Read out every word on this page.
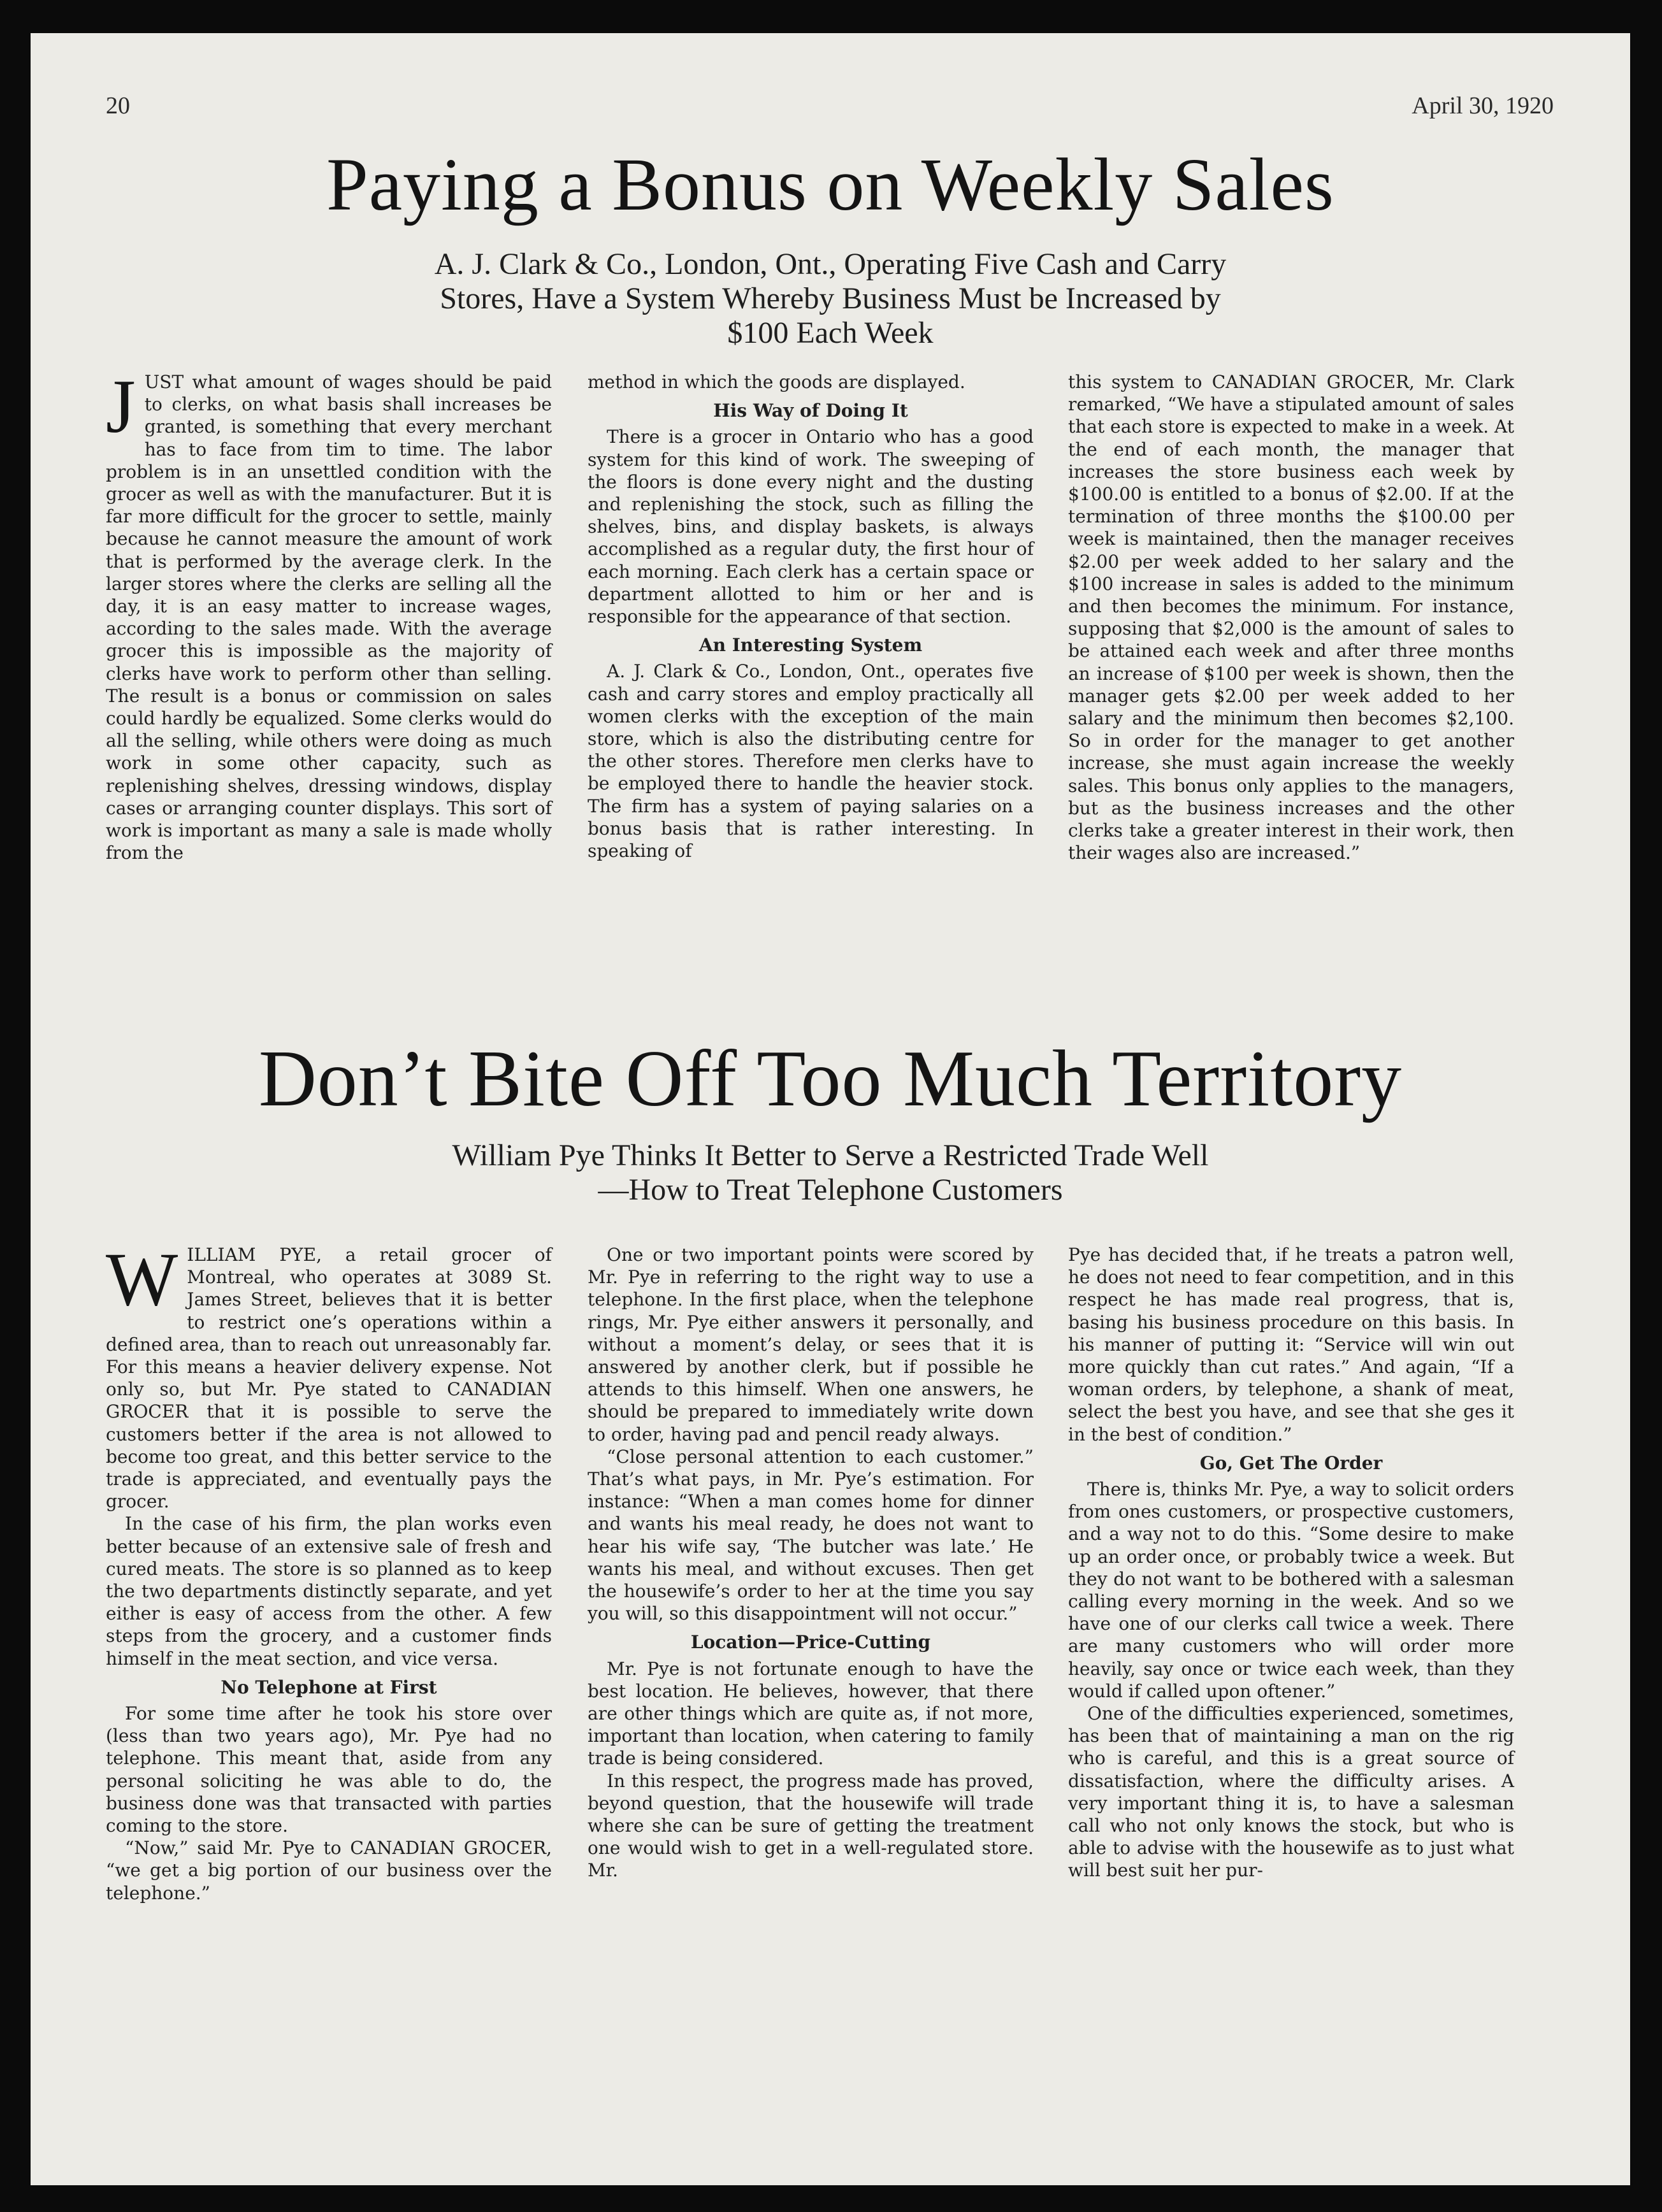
20	April 30, 1920
Paying a Bonus on Weekly Sales
A. J. Clark & Co., London, Ont., Operating Five Cash and Carry
Stores, Have a System Whereby Business Must be Increased by
$100 Each Week

JUST what amount of wages should be paid to clerks, on what basis shall increases be granted, is something that every merchant has to face from tim to time. The labor problem is in an unsettled condition with the grocer as well as with the manufacturer. But it is far more difficult for the grocer to settle, mainly because he cannot measure the amount of work that is performed by the average clerk. In the larger stores where the clerks are selling all the day, it is an easy matter to increase wages, according to the sales made. With the average grocer this is impossible as the majority of clerks have work to perform other than selling. The result is a bonus or commission on sales could hardly be equalized. Some clerks would do all the selling, while others were doing as much work in some other capacity, such as replenishing shelves, dressing windows, display cases or arranging counter displays. This sort of work is important as many a sale is made wholly from the

method in which the goods are displayed.

His Way of Doing It

There is a grocer in Ontario who has a good system for this kind of work. The sweeping of the floors is done every night and the dusting and replenishing the stock, such as filling the shelves, bins, and display baskets, is always accomplished as a regular duty, the first hour of each morning. Each clerk has a certain space or department allotted to him or her and is responsible for the appearance of that section.

An Interesting System

A. J. Clark & Co., London, Ont., operates five cash and carry stores and employ practically all women clerks with the exception of the main store, which is also the distributing centre for the other stores. Therefore men clerks have to be employed there to handle the heavier stock. The firm has a system of paying salaries on a bonus basis that is rather interesting. In speaking of

this system to CANADIAN GROCER, Mr. Clark remarked, “We have a stipulated amount of sales that each store is expected to make in a week. At the end of each month, the manager that increases the store business each week by $100.00 is entitled to a bonus of $2.00. If at the termination of three months the $100.00 per week is maintained, then the manager receives $2.00 per week added to her salary and the $100 increase in sales is added to the minimum and then becomes the minimum. For instance, supposing that $2,000 is the amount of sales to be attained each week and after three months an increase of $100 per week is shown, then the manager gets $2.00 per week added to her salary and the minimum then becomes $2,100. So in order for the manager to get another increase, she must again increase the weekly sales. This bonus only applies to the managers, but as the business increases and the other clerks take a greater interest in their work, then their wages also are increased.”

Don’t Bite Off Too Much Territory
William Pye Thinks It Better to Serve a Restricted Trade Well
—How to Treat Telephone Customers

WILLIAM PYE, a retail grocer of Montreal, who operates at 3089 St. James Street, believes that it is better to restrict one’s operations within a defined area, than to reach out unreasonably far. For this means a heavier delivery expense. Not only so, but Mr. Pye stated to CANADIAN GROCER that it is possible to serve the customers better if the area is not allowed to become too great, and this better service to the trade is appreciated, and eventually pays the grocer.

In the case of his firm, the plan works even better because of an extensive sale of fresh and cured meats. The store is so planned as to keep the two departments distinctly separate, and yet either is easy of access from the other. A few steps from the grocery, and a customer finds himself in the meat section, and vice versa.

No Telephone at First

For some time after he took his store over (less than two years ago), Mr. Pye had no telephone. This meant that, aside from any personal soliciting he was able to do, the business done was that transacted with parties coming to the store.

“Now,” said Mr. Pye to CANADIAN GROCER, “we get a big portion of our business over the telephone.”

One or two important points were scored by Mr. Pye in referring to the right way to use a telephone. In the first place, when the telephone rings, Mr. Pye either answers it personally, and without a moment’s delay, or sees that it is answered by another clerk, but if possible he attends to this himself. When one answers, he should be prepared to immediately write down to order, having pad and pencil ready always.

“Close personal attention to each customer.” That’s what pays, in Mr. Pye’s estimation. For instance: “When a man comes home for dinner and wants his meal ready, he does not want to hear his wife say, ‘The butcher was late.’ He wants his meal, and without excuses. Then get the housewife’s order to her at the time you say you will, so this disappointment will not occur.”

Location—Price-Cutting

Mr. Pye is not fortunate enough to have the best location. He believes, however, that there are other things which are quite as, if not more, important than location, when catering to family trade is being considered.

In this respect, the progress made has proved, beyond question, that the housewife will trade where she can be sure of getting the treatment one would wish to get in a well-regulated store. Mr.

Pye has decided that, if he treats a patron well, he does not need to fear competition, and in this respect he has made real progress, that is, basing his business procedure on this basis. In his manner of putting it: “Service will win out more quickly than cut rates.” And again, “If a woman orders, by telephone, a shank of meat, select the best you have, and see that she ges it in the best of condition.”

Go, Get The Order

There is, thinks Mr. Pye, a way to solicit orders from ones customers, or prospective customers, and a way not to do this. “Some desire to make up an order once, or probably twice a week. But they do not want to be bothered with a salesman calling every morning in the week. And so we have one of our clerks call twice a week. There are many customers who will order more heavily, say once or twice each week, than they would if called upon oftener.”

One of the difficulties experienced, sometimes, has been that of maintaining a man on the rig who is careful, and this is a great source of dissatisfaction, where the difficulty arises. A very important thing it is, to have a salesman call who not only knows the stock, but who is able to advise with the housewife as to just what will best suit her pur-
